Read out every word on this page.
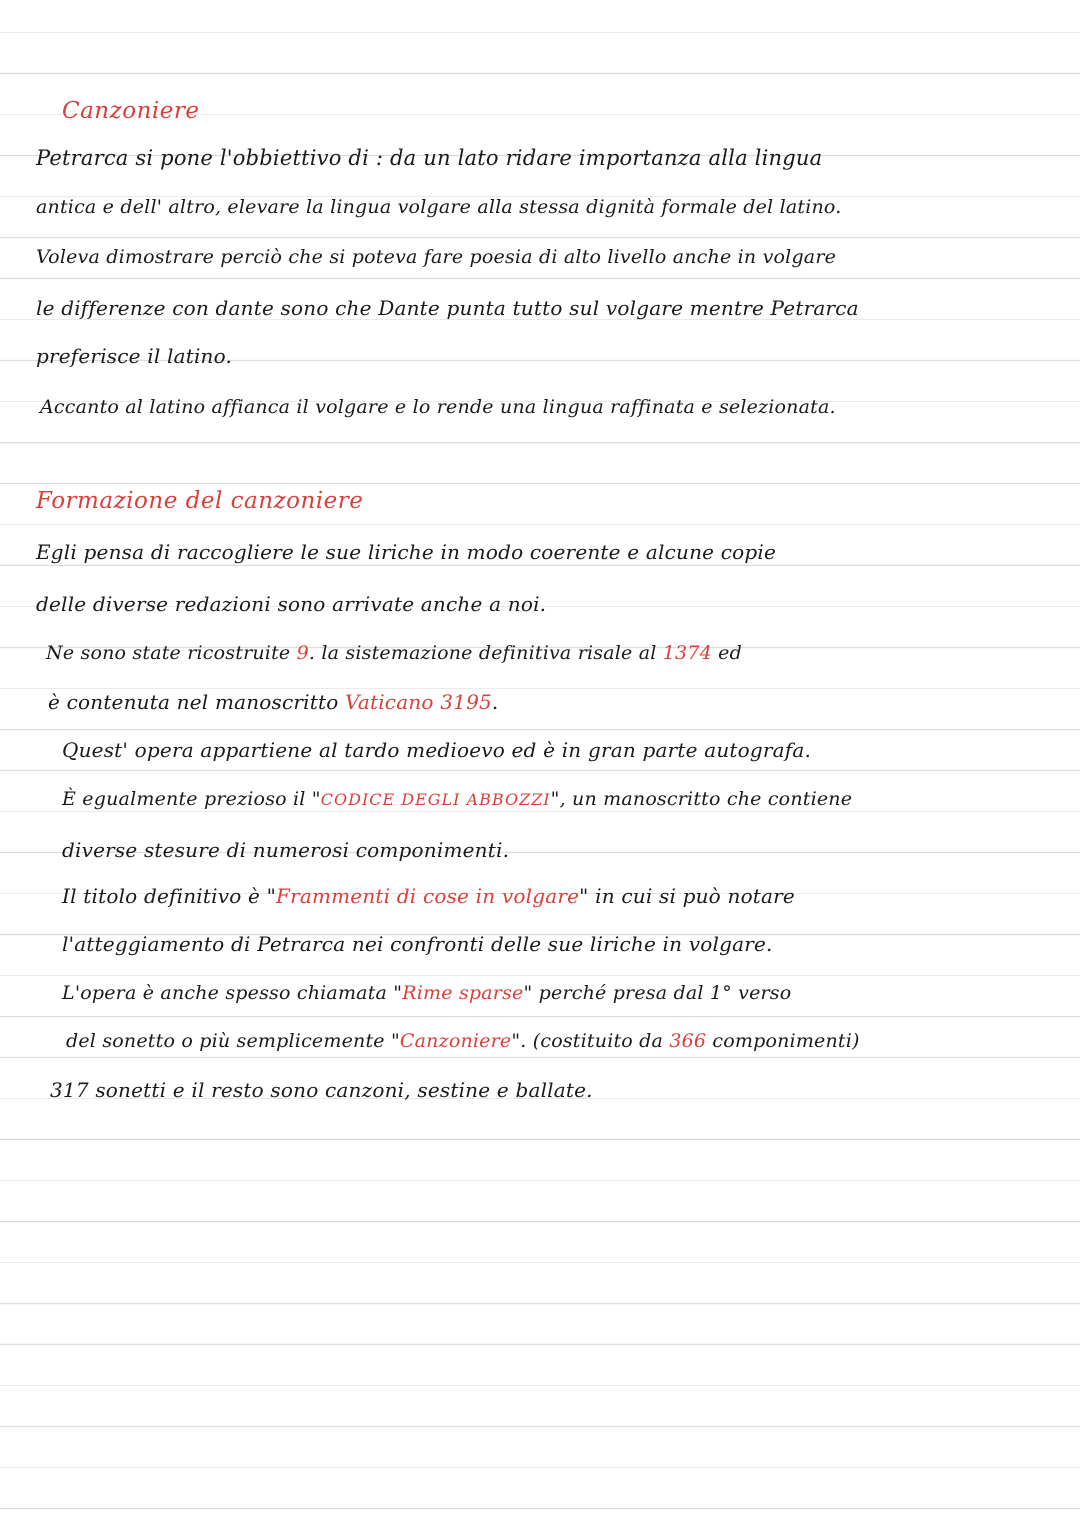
Canzoniere
Petrarca si pone l'obbiettivo di : da un lato ridare importanza alla lingua
antica e dell' altro, elevare la lingua volgare alla stessa dignità formale del latino.
Voleva dimostrare perciò che si poteva fare poesia di alto livello anche in volgare
le differenze con dante sono che Dante punta tutto sul volgare mentre Petrarca
preferisce il latino.
Accanto al latino affianca il volgare e lo rende una lingua raffinata e selezionata.
Formazione del canzoniere
Egli pensa di raccogliere le sue liriche in modo coerente e alcune copie
delle diverse redazioni sono arrivate anche a noi.
Ne sono state ricostruite 9. la sistemazione definitiva risale al 1374 ed
è contenuta nel manoscritto Vaticano 3195.
Quest' opera appartiene al tardo medioevo ed è in gran parte autografa.
È egualmente prezioso il "CODICE DEGLI ABBOZZI", un manoscritto che contiene
diverse stesure di numerosi componimenti.
Il titolo definitivo è "Frammenti di cose in volgare" in cui si può notare
l'atteggiamento di Petrarca nei confronti delle sue liriche in volgare.
L'opera è anche spesso chiamata "Rime sparse" perché presa dal 1° verso
del sonetto o più semplicemente "Canzoniere". (costituito da 366 componimenti)
317 sonetti e il resto sono canzoni, sestine e ballate.
